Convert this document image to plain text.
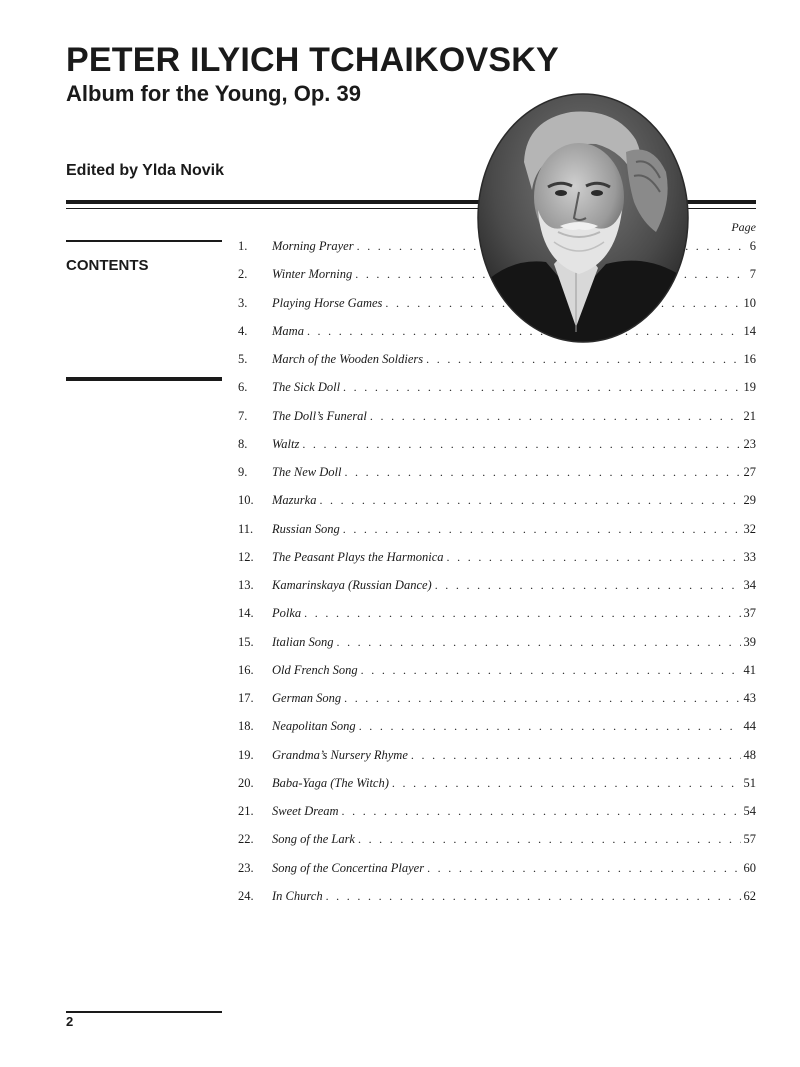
PETER ILYICH TCHAIKOVSKY
Album for the Young, Op. 39

Edited by Ylda Novik

CONTENTS

Page
1.	Morning Prayer . . .	6
2.	Winter Morning . . .	7
3.	Playing Horse Games . . .	10
4.	Mama . . .	14
5.	March of the Wooden Soldiers . . .	16
6.	The Sick Doll . . .	19
7.	The Doll’s Funeral . . .	21
8.	Waltz . . .	23
9.	The New Doll . . .	27
10.	Mazurka . . .	29
11.	Russian Song . . .	32
12.	The Peasant Plays the Harmonica . . .	33
13.	Kamarinskaya (Russian Dance) . . .	34
14.	Polka . . .	37
15.	Italian Song . . .	39
16.	Old French Song . . .	41
17.	German Song . . .	43
18.	Neapolitan Song . . .	44
19.	Grandma’s Nursery Rhyme . . .	48
20.	Baba-Yaga (The Witch) . . .	51
21.	Sweet Dream . . .	54
22.	Song of the Lark . . .	57
23.	Song of the Concertina Player . . .	60
24.	In Church . . .	62

2
